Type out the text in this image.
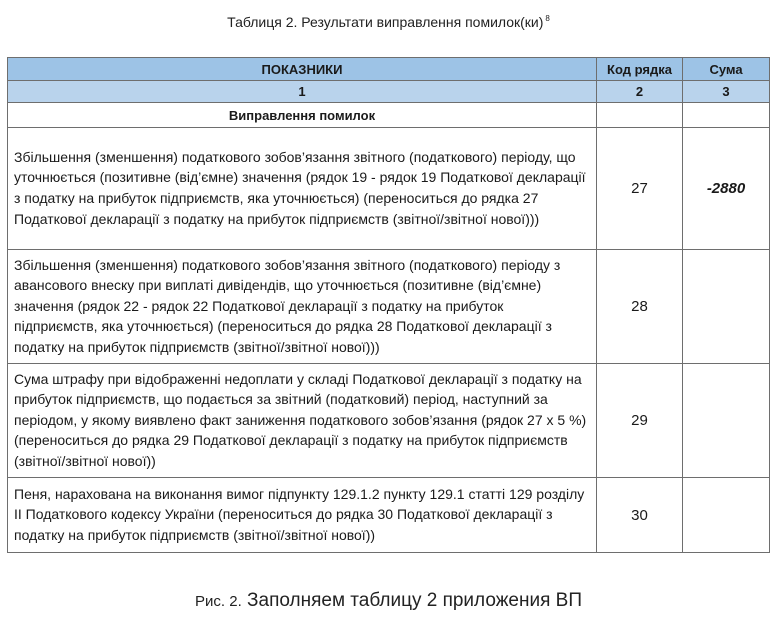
Таблиця 2. Результати виправлення помилок(ки) $^8$
ПОКАЗНИКИ	Код рядка	Сума
1	2	3
Виправлення помилок		
Збільшення (зменшення) податкового зобов’язання звітного (податкового) періоду, що уточнюється (позитивне (від’ємне) значення (рядок 19 - рядок 19 Податкової декларації з податку на прибуток підприємств, яка уточнюється) (переноситься до рядка 27 Податкової декларації з податку на прибуток підприємств (звітної/звітної нової)))	27	-2880
Збільшення (зменшення) податкового зобов’язання звітного (податкового) періоду з авансового внеску при виплаті дивідендів, що уточнюється (позитивне (від’ємне) значення (рядок 22 - рядок 22 Податкової декларації з податку на прибуток підприємств, яка уточнюється) (переноситься до рядка 28 Податкової декларації з податку на прибуток підприємств (звітної/звітної нової)))	28	
Сума штрафу при відображенні недоплати у складі Податкової декларації з податку на прибуток підприємств, що подається за звітний (податковий) період, наступний за періодом, у якому виявлено факт заниження податкового зобов’язання (рядок 27 х 5 %) (переноситься до рядка 29 Податкової декларації з податку на прибуток підприємств (звітної/звітної нової))	29	
Пеня, нарахована на виконання вимог підпункту 129.1.2 пункту 129.1 статті 129 розділу II Податкового кодексу України (переноситься до рядка 30 Податкової декларації з податку на прибуток підприємств (звітної/звітної нової))	30	
Рис. 2. Заполняем таблицу 2 приложения ВП
